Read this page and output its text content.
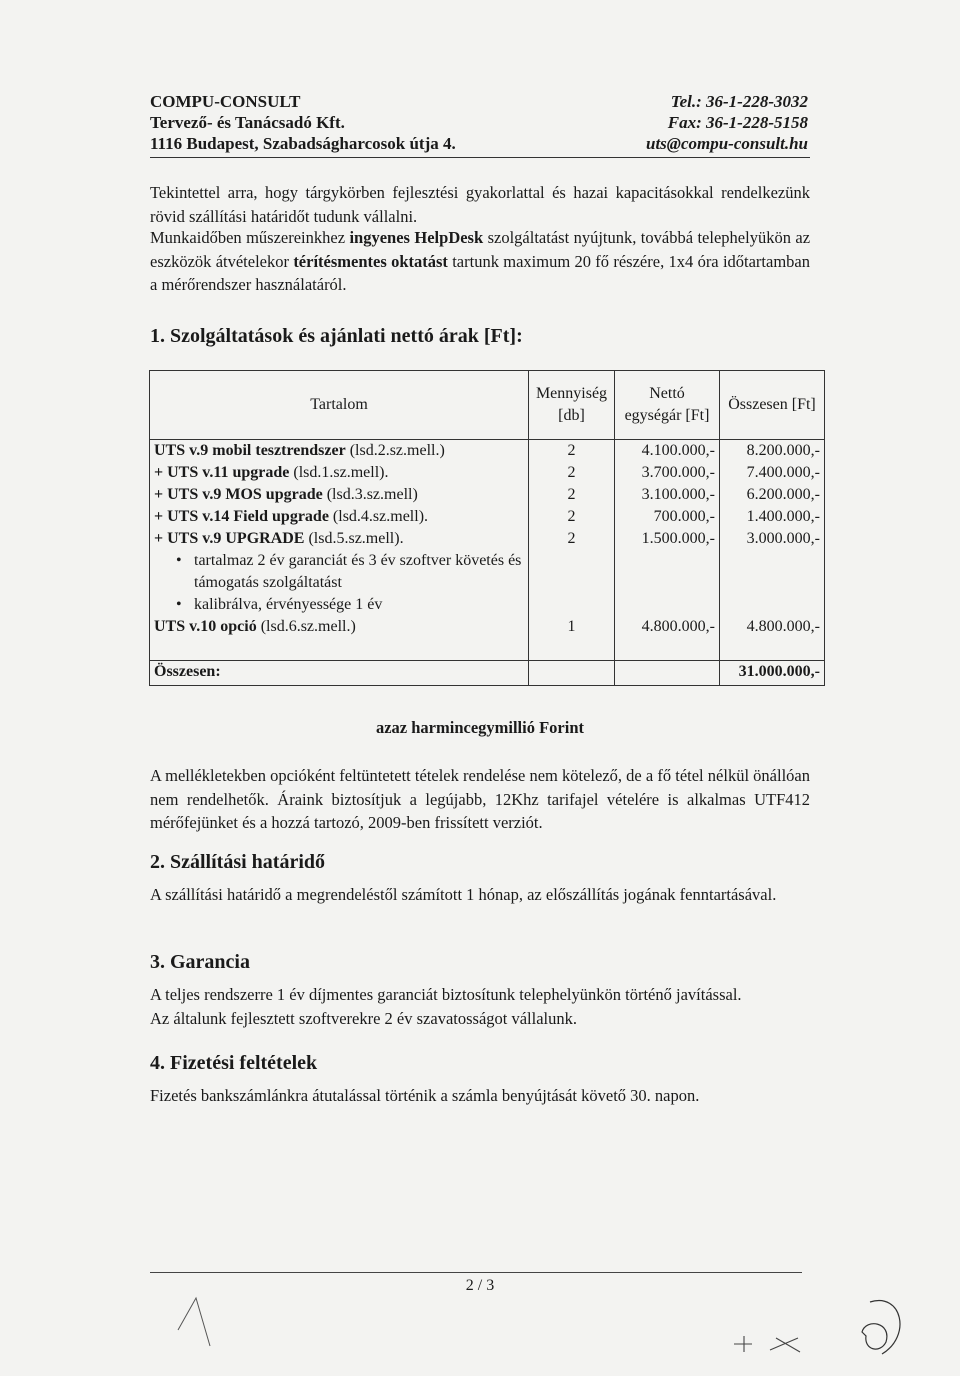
COMPU-CONSULT
Tervező- és Tanácsadó Kft.
1116 Budapest, Szabadságharcosok útja 4.
Tel.: 36-1-228-3032
Fax: 36-1-228-5158
uts@compu-consult.hu
Tekintettel arra, hogy tárgykörben fejlesztési gyakorlattal és hazai kapacitásokkal rendelkezünk rövid szállítási határidőt tudunk vállalni.
Munkaidőben műszereinkhez ingyenes HelpDesk szolgáltatást nyújtunk, továbbá telephelyükön az eszközök átvételekor térítésmentes oktatást tartunk maximum 20 fő részére, 1x4 óra időtartamban a mérőrendszer használatáról.
1. Szolgáltatások és ajánlati nettó árak [Ft]:
Tartalom	Mennyiség [db]	Nettó egységár [Ft]	Összesen [Ft]
UTS v.9 mobil tesztrendszer (lsd.2.sz.mell.)	2	4.100.000,-	8.200.000,-
+ UTS v.11 upgrade (lsd.1.sz.mell).	2	3.700.000,-	7.400.000,-
+ UTS v.9 MOS upgrade (lsd.3.sz.mell)	2	3.100.000,-	6.200.000,-
+ UTS v.14 Field upgrade (lsd.4.sz.mell).	2	700.000,-	1.400.000,-
+ UTS v.9 UPGRADE (lsd.5.sz.mell).	2	1.500.000,-	3.000.000,-

• tartalmaz 2 év garanciát és 3 év szoftver követés és támogatás szolgáltatást

• kalibrálva, érvényessége 1 év

UTS v.10 opció (lsd.6.sz.mell.)	1	4.800.000,-	4.800.000,-

Összesen:			31.000.000,-
azaz harmincegymillió Forint
A mellékletekben opcióként feltüntetett tételek rendelése nem kötelező, de a fő tétel nélkül önállóan nem rendelhetők. Áraink biztosítjuk a legújabb, 12Khz tarifajel vételére is alkalmas UTF412 mérőfejünket és a hozzá tartozó, 2009-ben frissített verziót.
2. Szállítási határidő
A szállítási határidő a megrendeléstől számított 1 hónap, az előszállítás jogának fenntartásával.
3. Garancia
A teljes rendszerre 1 év díjmentes garanciát biztosítunk telephelyünkön történő javítással.
Az általunk fejlesztett szoftverekre 2 év szavatosságot vállalunk.
4. Fizetési feltételek
Fizetés bankszámlánkra átutalással történik a számla benyújtását követő 30. napon.
2 / 3
